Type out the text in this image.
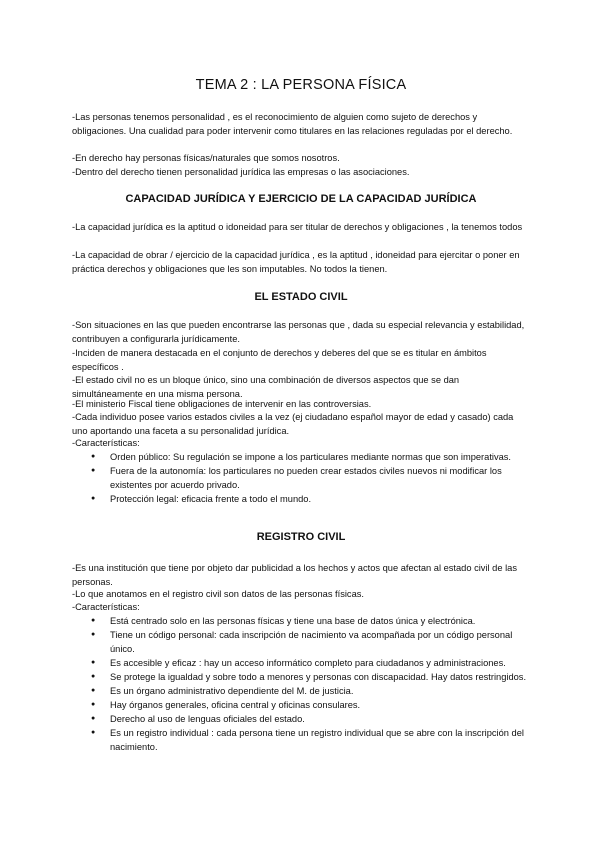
TEMA 2 : LA PERSONA FÍSICA
-Las personas tenemos personalidad , es el reconocimiento de alguien como sujeto de derechos y obligaciones. Una cualidad para poder intervenir como titulares en las relaciones reguladas por el derecho.
-En derecho hay personas físicas/naturales que somos nosotros.
-Dentro del derecho tienen personalidad jurídica las empresas o las asociaciones.
CAPACIDAD JURÍDICA Y EJERCICIO DE LA CAPACIDAD JURÍDICA
-La capacidad jurídica es la aptitud o idoneidad para ser titular de derechos y obligaciones , la tenemos todos
-La capacidad de obrar / ejercicio de la capacidad jurídica , es la aptitud , idoneidad para ejercitar o poner en práctica derechos y obligaciones que les son imputables. No todos la tienen.
EL ESTADO CIVIL
-Son situaciones en las que pueden encontrarse las personas que , dada su especial relevancia y estabilidad, contribuyen a configurarla jurídicamente.
-Inciden de manera destacada en el conjunto de derechos y deberes del que se es titular en ámbitos específicos .
-El estado civil no es un bloque único, sino una combinación de diversos aspectos que se dan simultáneamente en una misma persona.
-El ministerio Fiscal tiene obligaciones de intervenir en las controversias.
-Cada individuo posee varios estados civiles a la vez (ej ciudadano español mayor de edad y casado) cada uno aportando una faceta a su personalidad jurídica.
-Características:
● Orden público: Su regulación se impone a los particulares mediante normas que son imperativas.
● Fuera de la autonomía: los particulares no pueden crear estados civiles nuevos ni modificar los existentes por acuerdo privado.
● Protección legal: eficacia frente a todo el mundo.
REGISTRO CIVIL
-Es una institución que tiene por objeto dar publicidad a los hechos y actos que afectan al estado civil de las personas.
-Lo que anotamos en el registro civil son datos de las personas físicas.
-Características:
● Está centrado solo en las personas físicas y tiene una base de datos única y electrónica.
● Tiene un código personal: cada inscripción de nacimiento va acompañada por un código personal único.
● Es accesible y eficaz : hay un acceso informático completo para ciudadanos y administraciones.
● Se protege la igualdad y sobre todo a menores y personas con discapacidad. Hay datos restringidos.
● Es un órgano administrativo dependiente del M. de justicia.
● Hay órganos generales, oficina central y oficinas consulares.
● Derecho al uso de lenguas oficiales del estado.
● Es un registro individual : cada persona tiene un registro individual que se abre con la inscripción del nacimiento.
